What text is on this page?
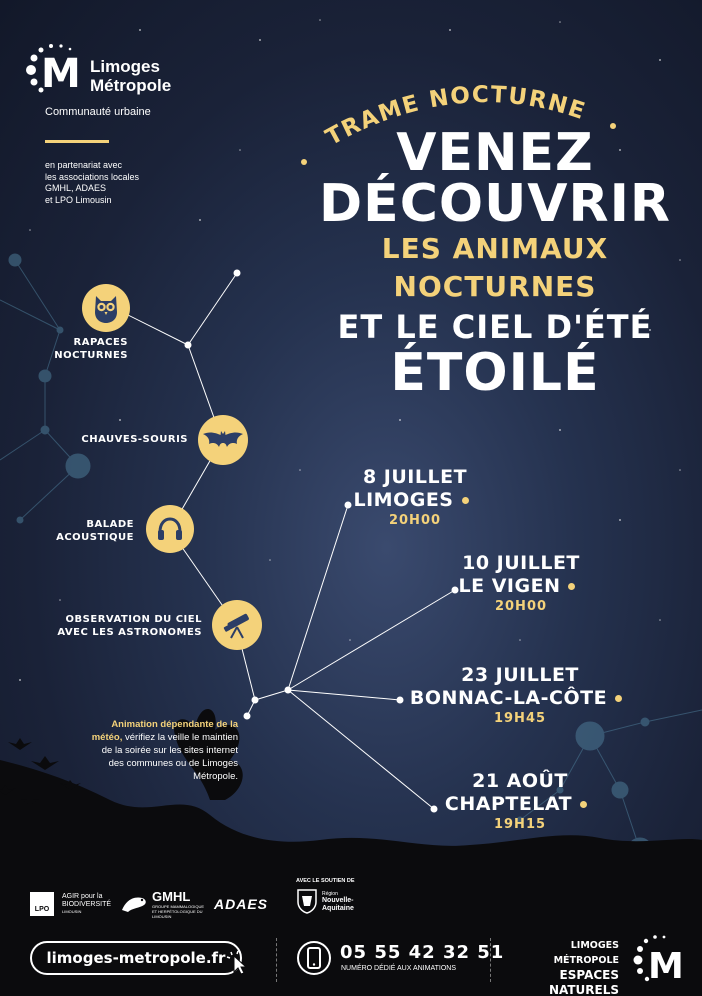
M Limoges
Métropole
Communauté urbaine
en partenariat avec
les associations locales
GMHL, ADAES
et LPO Limousin
TRAME NOCTURNE

VENEZ

DÉCOUVRIR

LES ANIMAUX NOCTURNES

ET LE CIEL D'ÉTÉ

ÉTOILÉ

RAPACES
NOCTURNES
CHAUVES-SOURIS
BALADE
ACOUSTIQUE
OBSERVATION DU CIEL
AVEC LES ASTRONOMES
8 JUILLET
LIMOGES
20H00
10 JUILLET
LE VIGEN
20H00
23 JUILLET
BONNAC-LA-CÔTE
19H45
21 AOÛT
CHAPTELAT
19H15
Animation dépendante de la météo, vérifiez la veille le maintien de la soirée sur les sites internet des communes ou de Limoges Métropole.
LPO
AGIR pour la
BIODIVERSITÉ
LIMOUSIN
GMHL
GROUPE MAMMALOGIQUE ET HERPÉTOLOGIQUE DU LIMOUSIN
ADAES
AVEC LE SOUTIEN DE
Région
Nouvelle-Aquitaine
limoges-metropole.fr	05 55 42 32 51
NUMÉRO DÉDIÉ AUX ANIMATIONS
LIMOGES MÉTROPOLE
ESPACES
NATURELS
M
